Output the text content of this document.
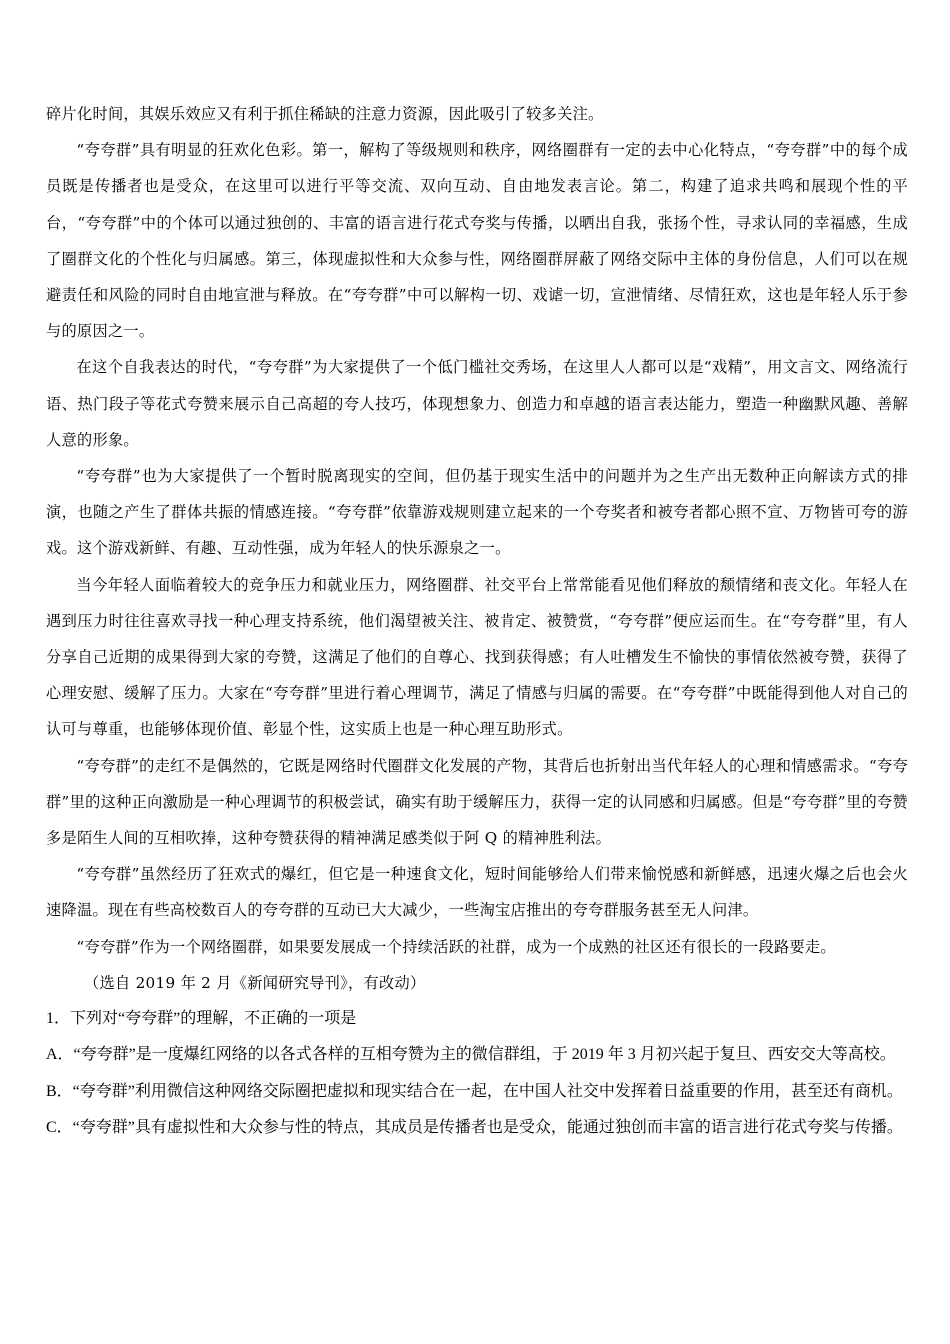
碎片化时间，其娱乐效应又有利于抓住稀缺的注意力资源，因此吸引了较多关注。

“夸夸群”具有明显的狂欢化色彩。第一，解构了等级规则和秩序，网络圈群有一定的去中心化特点，“夸夸群”中的每个成员既是传播者也是受众，在这里可以进行平等交流、双向互动、自由地发表言论。第二，构建了追求共鸣和展现个性的平台，“夸夸群”中的个体可以通过独创的、丰富的语言进行花式夸奖与传播，以晒出自我，张扬个性，寻求认同的幸福感，生成了圈群文化的个性化与归属感。第三，体现虚拟性和大众参与性，网络圈群屏蔽了网络交际中主体的身份信息，人们可以在规避责任和风险的同时自由地宣泄与释放。在“夸夸群”中可以解构一切、戏谑一切，宣泄情绪、尽情狂欢，这也是年轻人乐于参与的原因之一。

在这个自我表达的时代，“夸夸群”为大家提供了一个低门槛社交秀场，在这里人人都可以是“戏精”，用文言文、网络流行语、热门段子等花式夸赞来展示自己高超的夸人技巧，体现想象力、创造力和卓越的语言表达能力，塑造一种幽默风趣、善解人意的形象。

“夸夸群”也为大家提供了一个暂时脱离现实的空间，但仍基于现实生活中的问题并为之生产出无数种正向解读方式的排演，也随之产生了群体共振的情感连接。“夸夸群”依靠游戏规则建立起来的一个夸奖者和被夸者都心照不宣、万物皆可夸的游戏。这个游戏新鲜、有趣、互动性强，成为年轻人的快乐源泉之一。

当今年轻人面临着较大的竞争压力和就业压力，网络圈群、社交平台上常常能看见他们释放的颓情绪和丧文化。年轻人在遇到压力时往往喜欢寻找一种心理支持系统，他们渴望被关注、被肯定、被赞赏，“夸夸群”便应运而生。在“夸夸群”里，有人分享自己近期的成果得到大家的夸赞，这满足了他们的自尊心、找到获得感；有人吐槽发生不愉快的事情依然被夸赞，获得了心理安慰、缓解了压力。大家在“夸夸群”里进行着心理调节，满足了情感与归属的需要。在“夸夸群”中既能得到他人对自己的认可与尊重，也能够体现价值、彰显个性，这实质上也是一种心理互助形式。

“夸夸群”的走红不是偶然的，它既是网络时代圈群文化发展的产物，其背后也折射出当代年轻人的心理和情感需求。“夸夸群”里的这种正向激励是一种心理调节的积极尝试，确实有助于缓解压力，获得一定的认同感和归属感。但是“夸夸群”里的夸赞多是陌生人间的互相吹捧，这种夸赞获得的精神满足感类似于阿 Q 的精神胜利法。

“夸夸群”虽然经历了狂欢式的爆红，但它是一种速食文化，短时间能够给人们带来愉悦感和新鲜感，迅速火爆之后也会火速降温。现在有些高校数百人的夸夸群的互动已大大减少，一些淘宝店推出的夸夸群服务甚至无人问津。

“夸夸群”作为一个网络圈群，如果要发展成一个持续活跃的社群，成为一个成熟的社区还有很长的一段路要走。

（选自 2019 年 2 月《新闻研究导刊》，有改动）

1．下列对“夸夸群”的理解，不正确的一项是

A．“夸夸群”是一度爆红网络的以各式各样的互相夸赞为主的微信群组，于 2019 年 3 月初兴起于复旦、西安交大等高校。

B．“夸夸群”利用微信这种网络交际圈把虚拟和现实结合在一起，在中国人社交中发挥着日益重要的作用，甚至还有商机。

C．“夸夸群”具有虚拟性和大众参与性的特点，其成员是传播者也是受众，能通过独创而丰富的语言进行花式夸奖与传播。
